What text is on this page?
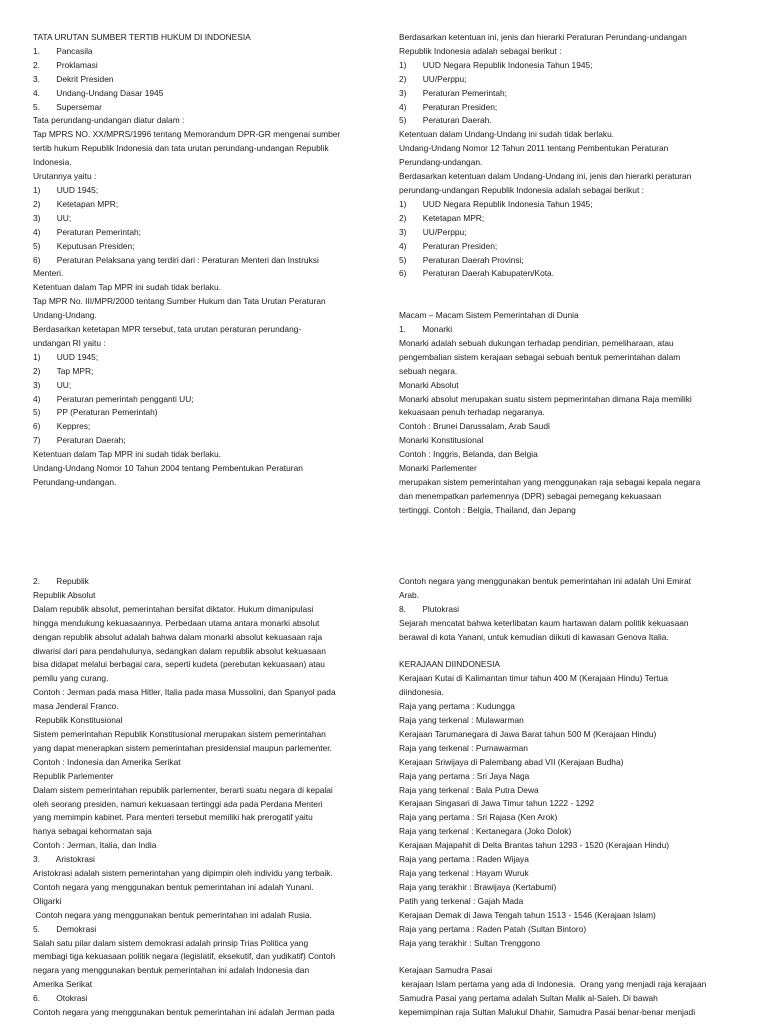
TATA URUTAN SUMBER TERTIB HUKUM DI INDONESIA
1.       Pancasila
2.       Proklamasi
3.       Dekrit Presiden
4.       Undang-Undang Dasar 1945
5.       Supersemar
Tata perundang-undangan diatur dalam :
Tap MPRS NO. XX/MPRS/1996 tentang Memorandum DPR-GR mengenai sumber
tertib hukum Republik Indonesia dan tata urutan perundang-undangan Republik
Indonesia.
Urutannya yaitu :
1)       UUD 1945;
2)       Ketetapan MPR;
3)       UU;
4)       Peraturan Pemerintah;
5)       Keputusan Presiden;
6)       Peraturan Pelaksana yang terdiri dari : Peraturan Menteri dan Instruksi
Menteri.
Ketentuan dalam Tap MPR ini sudah tidak berlaku.
Tap MPR No. III/MPR/2000 tentang Sumber Hukum dan Tata Urutan Peraturan
Undang-Undang.
Berdasarkan ketetapan MPR tersebut, tata urutan peraturan perundang-
undangan RI yaitu :
1)       UUD 1945;
2)       Tap MPR;
3)       UU;
4)       Peraturan pemerintah pengganti UU;
5)       PP (Peraturan Pemerintah)
6)       Keppres;
7)       Peraturan Daerah;
Ketentuan dalam Tap MPR ini sudah tidak berlaku.
Undang-Undang Nomor 10 Tahun 2004 tentang Pembentukan Peraturan
Perundang-undangan.
Berdasarkan ketentuan ini, jenis dan hierarki Peraturan Perundang-undangan
Republik Indonesia adalah sebagai berikut :
1)       UUD Negara Republik Indonesia Tahun 1945;
2)       UU/Perppu;
3)       Peraturan Pemerintah;
4)       Peraturan Presiden;
5)       Peraturan Daerah.
Ketentuan dalam Undang-Undang ini sudah tidak berlaku.
Undang-Undang Nomor 12 Tahun 2011 tentang Pembentukan Peraturan
Perundang-undangan.
Berdasarkan ketentuan dalam Undang-Undang ini, jenis dan hierarki peraturan
perundang-undangan Republik Indonesia adalah sebagai berikut :
1)       UUD Negara Republik Indonesia Tahun 1945;
2)       Ketetapan MPR;
3)       UU/Perppu;
4)       Peraturan Presiden;
5)       Peraturan Daerah Provinsi;
6)       Peraturan Daerah Kabupaten/Kota.
Macam – Macam Sistem Pemerintahan di Dunia
1.       Monarki
Monarki adalah sebuah dukungan terhadap pendirian, pemeliharaan, atau
pengembalian sistem kerajaan sebagai sebuah bentuk pemerintahan dalam
sebuah negara.
Monarki Absolut
Monarki absolut merupakan suatu sistem pepmerintahan dimana Raja memiliki
kekuasaan penuh terhadap negaranya.
Contoh : Brunei Darussalam, Arab Saudi
Monarki Konstitusional
Contoh : Inggris, Belanda, dan Belgia
Monarki Parlementer
merupakan sistem pemerintahan yang menggunakan raja sebagai kepala negara
dan menempatkan parlemennya (DPR) sebagai pemegang kekuasaan
tertinggi. Contoh : Belgia, Thailand, dan Jepang
2.       Republik
Republik Absolut
Dalam republik absolut, pemerintahan bersifat diktator. Hukum dimanipulasi
hingga mendukung kekuasaannya. Perbedaan utama antara monarki absolut
dengan republik absolut adalah bahwa dalam monarki absolut kekuasaan raja
diwarisi dari para pendahulunya, sedangkan dalam republik absolut kekuasaan
bisa didapat melalui berbagai cara, seperti kudeta (perebutan kekuasaan) atau
pemilu yang curang.
Contoh : Jerman pada masa Hitler, Italia pada masa Mussolini, dan Spanyol pada
masa Jenderal Franco.
Republik Konstitusional
Sistem pemerintahan Republik Konstitusional merupakan sistem pemerintahan
yang dapat menerapkan sistem pemerintahan presidensial maupun parlementer.
Contoh : Indonesia dan Amerika Serikat
Republik Parlementer
Dalam sistem pemerintahan republik parlementer, berarti suatu negara di kepalai
oleh seorang presiden, namun kekuasaan tertinggi ada pada Perdana Menteri
yang memimpin kabinet. Para menteri tersebut memiliki hak prerogatif yaitu
hanya sebagai kehormatan saja
Contoh : Jerman, Italia, dan India
3.       Aristokrasi
Aristokrasi adalah sistem pemerintahan yang dipimpin oleh individu yang terbaik.
Contoh negara yang menggunakan bentuk pemerintahan ini adalah Yunani.
Oligarki
Contoh negara yang menggunakan bentuk pemerintahan ini adalah Rusia.
5.       Demokrasi
Salah satu pilar dalam sistem demokrasi adalah prinsip Trias Politica yang
membagi tiga kekuasaan politik negara (legislatif, eksekutif, dan yudikatif) Contoh
negara yang menggunakan bentuk pemerintahan ini adalah Indonesia dan
Amerika Serikat
6.       Otokrasi
Contoh negara yang menggunakan bentuk pemerintahan ini adalah Jerman pada
Contoh negara yang menggunakan bentuk pemerintahan ini adalah Uni Emirat
Arab.
8.       Plutokrasi
Sejarah mencatat bahwa keterlibatan kaum hartawan dalam politik kekuasaan
berawal di kota Yanani, untuk kemudian diikuti di kawasan Genova Italia.
KERAJAAN DIINDONESIA
Kerajaan Kutai di Kalimantan timur tahun 400 M (Kerajaan Hindu) Tertua
diindonesia.
Raja yang pertama : Kudungga
Raja yang terkenal : Mulawarman
Kerajaan Tarumanegara di Jawa Barat tahun 500 M (Kerajaan Hindu)
Raja yang terkenal : Purnawarman
Kerajaan Sriwijaya di Palembang abad VII (Kerajaan Budha)
Raja yang pertama : Sri Jaya Naga
Raja yang terkenal : Bala Putra Dewa
Kerajaan Singasari di Jawa Timur tahun 1222 - 1292
Raja yang pertama : Sri Rajasa (Ken Arok)
Raja yang terkenal : Kertanegara (Joko Dolok)
Kerajaan Majapahit di Delta Brantas tahun 1293 - 1520 (Kerajaan Hindu)
Raja yang pertama : Raden Wijaya
Raja yang terkenal : Hayam Wuruk
Raja yang terakhir : Brawijaya (Kertabumi)
Patih yang terkenal : Gajah Mada
Kerajaan Demak di Jawa Tengah tahun 1513 - 1546 (Kerajaan Islam)
Raja yang pertama : Raden Patah (Sultan Bintoro)
Raja yang terakhir : Sultan Trenggono
Kerajaan Samudra Pasai
kerajaan Islam pertama yang ada di Indonesia.  Orang yang menjadi raja kerajaan
Samudra Pasai yang pertama adalah Sultan Malik al-Saleh. Di bawah
kepemimpinan raja Sultan Malukul Dhahir, Samudra Pasai benar-benar menjadi
